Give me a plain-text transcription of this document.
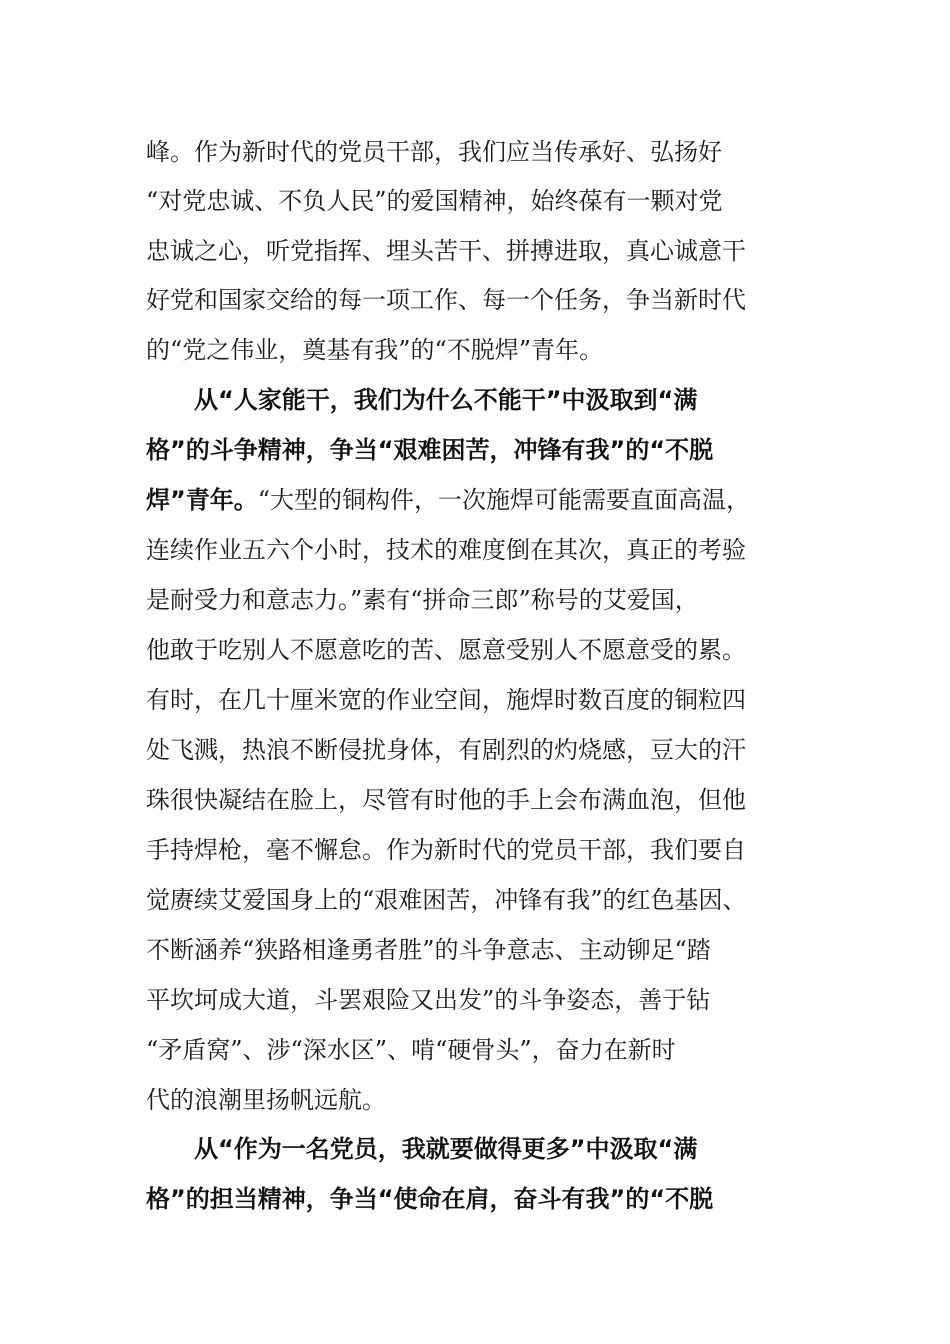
峰。作为新时代的党员干部，我们应当传承好、弘扬好
“对党忠诚、不负人民”的爱国精神，始终葆有一颗对党
忠诚之心，听党指挥、埋头苦干、拼搏进取，真心诚意干
好党和国家交给的每一项工作、每一个任务，争当新时代
的“党之伟业，奠基有我”的“不脱焊”青年。
从“人家能干，我们为什么不能干”中汲取到“满
格”的斗争精神，争当“艰难困苦，冲锋有我”的“不脱
焊”青年。“大型的铜构件，一次施焊可能需要直面高温，
连续作业五六个小时，技术的难度倒在其次，真正的考验
是耐受力和意志力。”素有“拼命三郎”称号的艾爱国，
他敢于吃别人不愿意吃的苦、愿意受别人不愿意受的累。
有时，在几十厘米宽的作业空间，施焊时数百度的铜粒四
处飞溅，热浪不断侵扰身体，有剧烈的灼烧感，豆大的汗
珠很快凝结在脸上，尽管有时他的手上会布满血泡，但他
手持焊枪，毫不懈怠。作为新时代的党员干部，我们要自
觉赓续艾爱国身上的“艰难困苦，冲锋有我”的红色基因、
不断涵养“狭路相逢勇者胜”的斗争意志、主动铆足“踏
平坎坷成大道，斗罢艰险又出发”的斗争姿态，善于钻
“矛盾窝”、涉“深水区”、啃“硬骨头”，奋力在新时
代的浪潮里扬帆远航。
从“作为一名党员，我就要做得更多”中汲取“满
格”的担当精神，争当“使命在肩，奋斗有我”的“不脱
